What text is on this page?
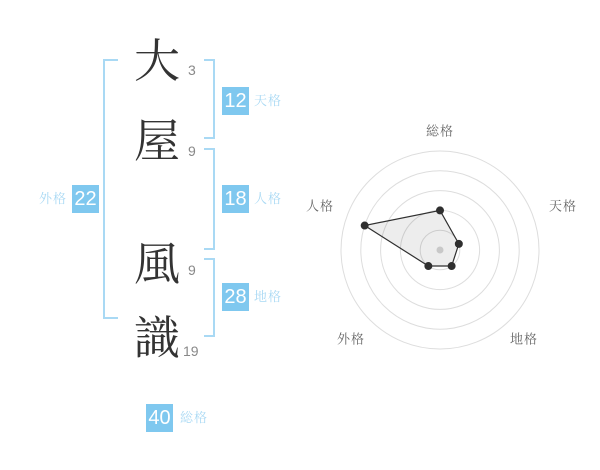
総格
天格
地格
外格
人格
大
屋
風
識
3
9
9
19
12 天格
18 人格
28 地格
外格 22
40 総格
